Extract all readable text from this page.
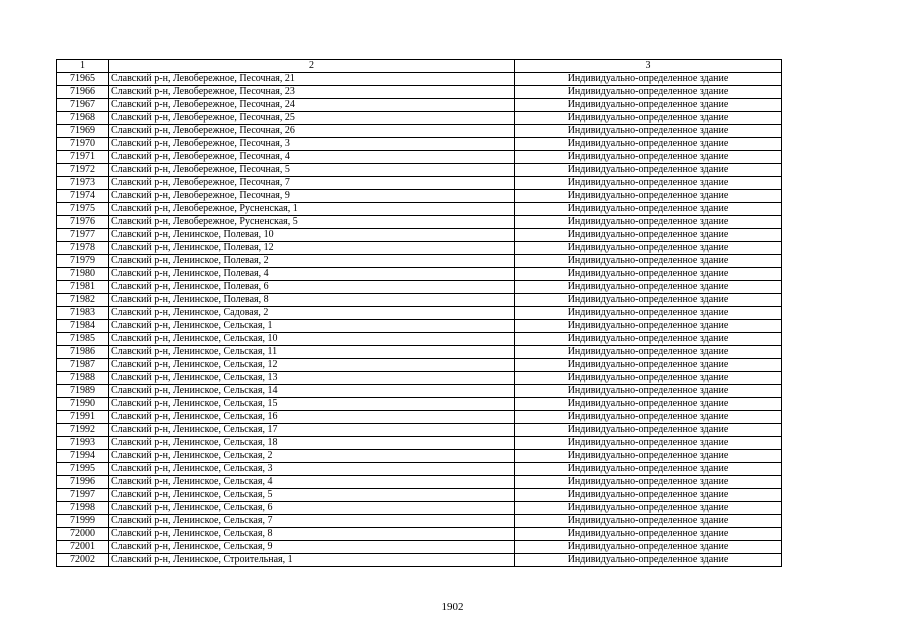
1	2	3
71965	Славский р-н, Левобережное, Песочная, 21	Индивидуально-определенное здание
71966	Славский р-н, Левобережное, Песочная, 23	Индивидуально-определенное здание
71967	Славский р-н, Левобережное, Песочная, 24	Индивидуально-определенное здание
71968	Славский р-н, Левобережное, Песочная, 25	Индивидуально-определенное здание
71969	Славский р-н, Левобережное, Песочная, 26	Индивидуально-определенное здание
71970	Славский р-н, Левобережное, Песочная, 3	Индивидуально-определенное здание
71971	Славский р-н, Левобережное, Песочная, 4	Индивидуально-определенное здание
71972	Славский р-н, Левобережное, Песочная, 5	Индивидуально-определенное здание
71973	Славский р-н, Левобережное, Песочная, 7	Индивидуально-определенное здание
71974	Славский р-н, Левобережное, Песочная, 9	Индивидуально-определенное здание
71975	Славский р-н, Левобережное, Русненская, 1	Индивидуально-определенное здание
71976	Славский р-н, Левобережное, Русненская, 5	Индивидуально-определенное здание
71977	Славский р-н, Ленинское, Полевая, 10	Индивидуально-определенное здание
71978	Славский р-н, Ленинское, Полевая, 12	Индивидуально-определенное здание
71979	Славский р-н, Ленинское, Полевая, 2	Индивидуально-определенное здание
71980	Славский р-н, Ленинское, Полевая, 4	Индивидуально-определенное здание
71981	Славский р-н, Ленинское, Полевая, 6	Индивидуально-определенное здание
71982	Славский р-н, Ленинское, Полевая, 8	Индивидуально-определенное здание
71983	Славский р-н, Ленинское, Садовая, 2	Индивидуально-определенное здание
71984	Славский р-н, Ленинское, Сельская, 1	Индивидуально-определенное здание
71985	Славский р-н, Ленинское, Сельская, 10	Индивидуально-определенное здание
71986	Славский р-н, Ленинское, Сельская, 11	Индивидуально-определенное здание
71987	Славский р-н, Ленинское, Сельская, 12	Индивидуально-определенное здание
71988	Славский р-н, Ленинское, Сельская, 13	Индивидуально-определенное здание
71989	Славский р-н, Ленинское, Сельская, 14	Индивидуально-определенное здание
71990	Славский р-н, Ленинское, Сельская, 15	Индивидуально-определенное здание
71991	Славский р-н, Ленинское, Сельская, 16	Индивидуально-определенное здание
71992	Славский р-н, Ленинское, Сельская, 17	Индивидуально-определенное здание
71993	Славский р-н, Ленинское, Сельская, 18	Индивидуально-определенное здание
71994	Славский р-н, Ленинское, Сельская, 2	Индивидуально-определенное здание
71995	Славский р-н, Ленинское, Сельская, 3	Индивидуально-определенное здание
71996	Славский р-н, Ленинское, Сельская, 4	Индивидуально-определенное здание
71997	Славский р-н, Ленинское, Сельская, 5	Индивидуально-определенное здание
71998	Славский р-н, Ленинское, Сельская, 6	Индивидуально-определенное здание
71999	Славский р-н, Ленинское, Сельская, 7	Индивидуально-определенное здание
72000	Славский р-н, Ленинское, Сельская, 8	Индивидуально-определенное здание
72001	Славский р-н, Ленинское, Сельская, 9	Индивидуально-определенное здание
72002	Славский р-н, Ленинское, Строительная, 1	Индивидуально-определенное здание
1902
